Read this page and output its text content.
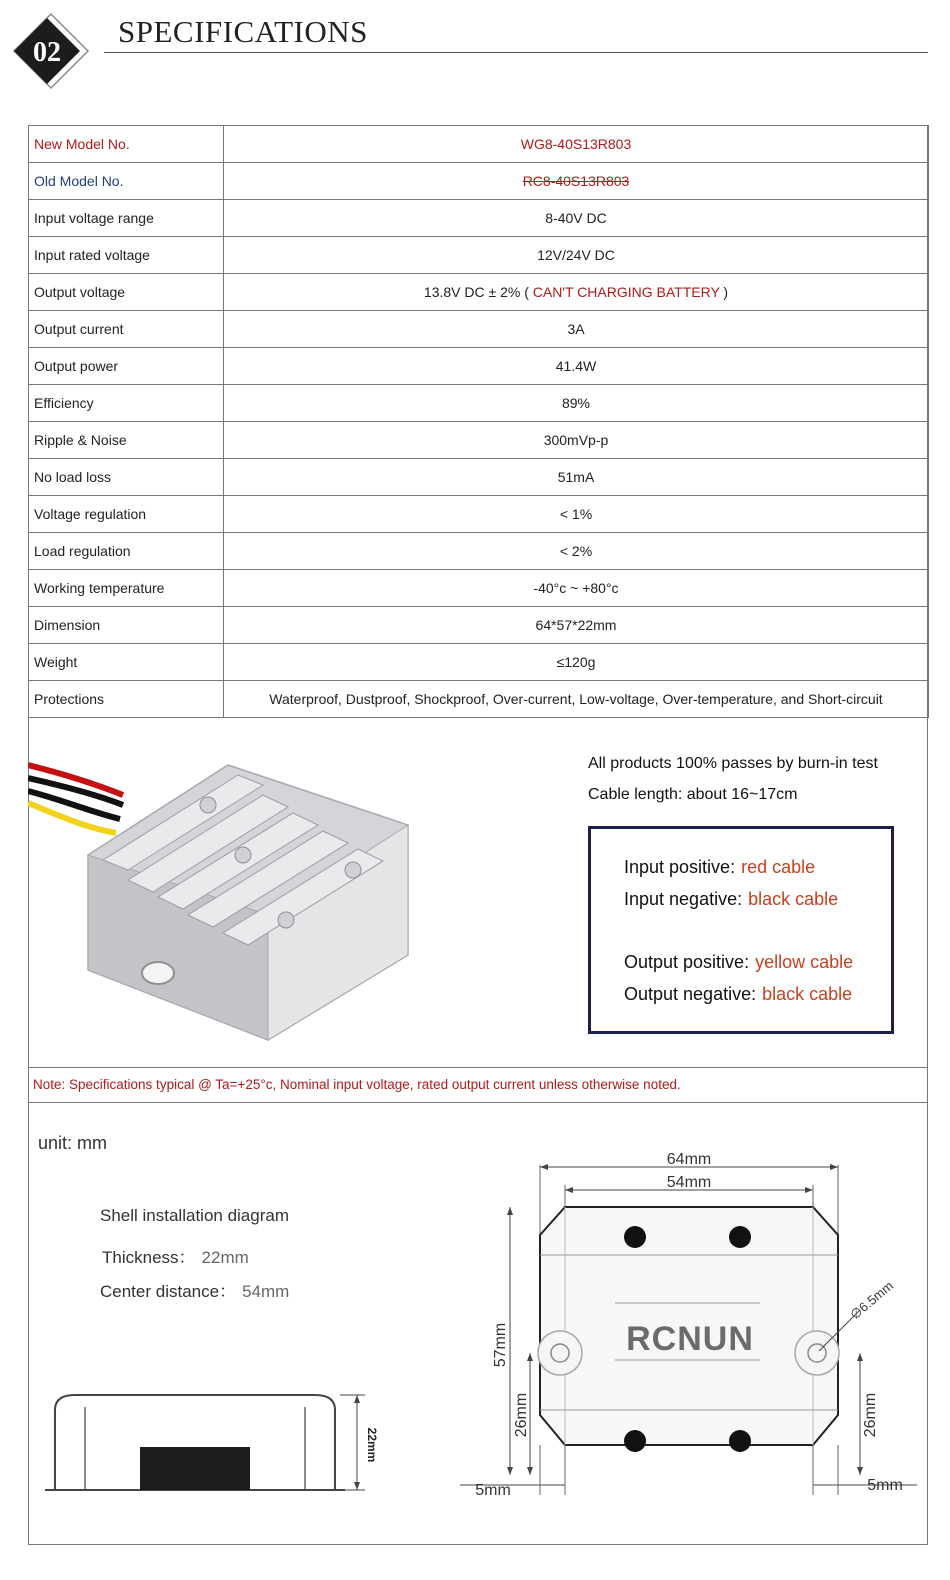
02
SPECIFICATIONS
New Model No.	WG8-40S13R803
Old Model No.	RC8-40S13R803
Input voltage range	8-40V DC
Input rated voltage	12V/24V DC
Output voltage	13.8V DC ± 2% ( CAN'T CHARGING BATTERY )
Output current	3A
Output power	41.4W
Efficiency	89%
Ripple & Noise	300mVp-p
No load loss	51mA
Voltage regulation	< 1%
Load regulation	< 2%
Working temperature	-40°c ~ +80°c
Dimension	64*57*22mm
Weight	≤120g
Protections	Waterproof, Dustproof, Shockproof, Over-current, Low-voltage, Over-temperature, and Short-circuit
All products 100% passes by burn-in test
Cable length: about 16~17cm
Input positive: red cable
Input negative: black cable
Output positive: yellow cable
Output negative: black cable
Note: Specifications typical @ Ta=+25°c, Nominal input voltage, rated output current unless otherwise noted.
unit: mm
Shell installation diagram
Thickness： 22mm
Center distance： 54mm
22mm
64mm
54mm
RCNUN
∅6.5mm
57mm
26mm	26mm
5mm	5mm
